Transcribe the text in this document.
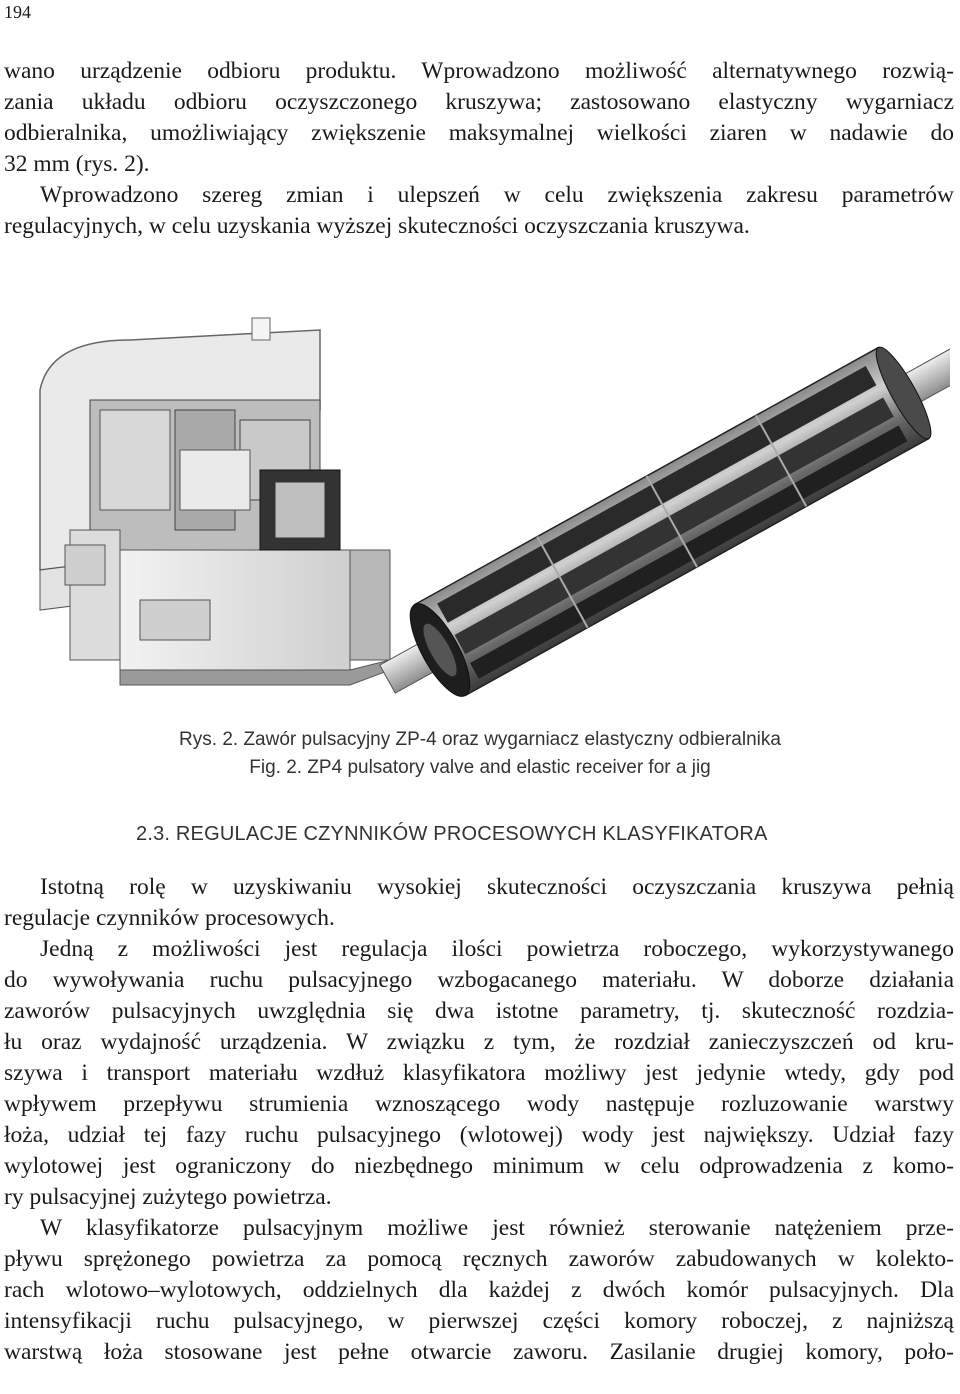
194

wano urządzenie odbioru produktu. Wprowadzono możliwość alternatywnego rozwią-
zania układu odbioru oczyszczonego kruszywa; zastosowano elastyczny wygarniacz
odbieralnika, umożliwiający zwiększenie maksymalnej wielkości ziaren w nadawie do
32 mm (rys. 2).

Wprowadzono szereg zmian i ulepszeń w celu zwiększenia zakresu parametrów
regulacyjnych, w celu uzyskania wyższej skuteczności oczyszczania kruszywa.

Rys. 2. Zawór pulsacyjny ZP-4 oraz wygarniacz elastyczny odbieralnika
Fig. 2. ZP4 pulsatory valve and elastic receiver for a jig
2.3. REGULACJE CZYNNIKÓW PROCESOWYCH KLASYFIKATORA

Istotną rolę w uzyskiwaniu wysokiej skuteczności oczyszczania kruszywa pełnią
regulacje czynników procesowych.

Jedną z możliwości jest regulacja ilości powietrza roboczego, wykorzystywanego
do wywoływania ruchu pulsacyjnego wzbogacanego materiału. W doborze działania
zaworów pulsacyjnych uwzględnia się dwa istotne parametry, tj. skuteczność rozdzia-
łu oraz wydajność urządzenia. W związku z tym, że rozdział zanieczyszczeń od kru-
szywa i transport materiału wzdłuż klasyfikatora możliwy jest jedynie wtedy, gdy pod
wpływem przepływu strumienia wznoszącego wody następuje rozluzowanie warstwy
łoża, udział tej fazy ruchu pulsacyjnego (wlotowej) wody jest największy. Udział fazy
wylotowej jest ograniczony do niezbędnego minimum w celu odprowadzenia z komo-
ry pulsacyjnej zużytego powietrza.

W klasyfikatorze pulsacyjnym możliwe jest również sterowanie natężeniem prze-
pływu sprężonego powietrza za pomocą ręcznych zaworów zabudowanych w kolekto-
rach wlotowo–wylotowych, oddzielnych dla każdej z dwóch komór pulsacyjnych. Dla
intensyfikacji ruchu pulsacyjnego, w pierwszej części komory roboczej, z najniższą
warstwą łoża stosowane jest pełne otwarcie zaworu. Zasilanie drugiej komory, poło-
